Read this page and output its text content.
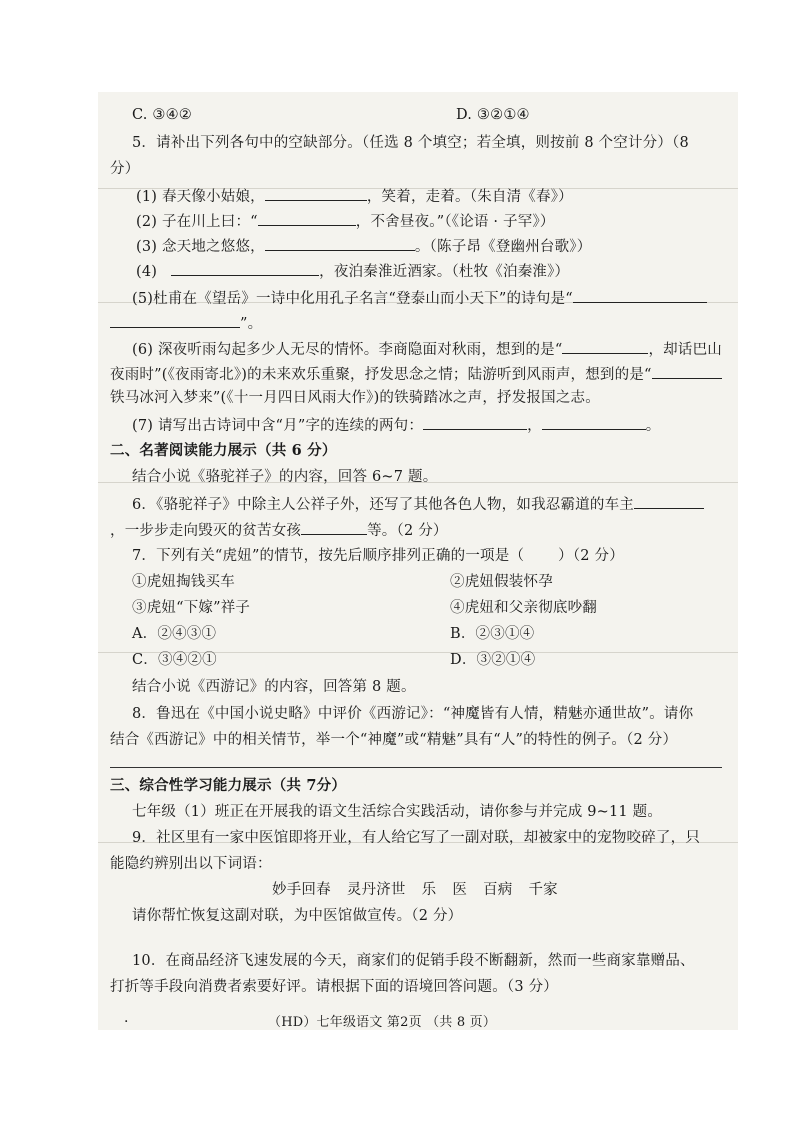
C. ③④②	D. ③②①④
5．请补出下列各句中的空缺部分。（任选 8 个填空；若全填，则按前 8 个空计分）（8
分）
(1) 春天像小姑娘，	，笑着，走着。（朱自清《春》）
(2) 子在川上曰：“	，不舍昼夜。”（《论语 · 子罕》）
(3) 念天地之悠悠，	。（陈子昂《登幽州台歌》）
(4)	，夜泊秦淮近酒家。（杜牧《泊秦淮》）
(5)杜甫在《望岳》一诗中化用孔子名言“登泰山而小天下”的诗句是“
”。
(6) 深夜听雨勾起多少人无尽的情怀。李商隐面对秋雨，想到的是“	，却话巴山
夜雨时”(《夜雨寄北》)的未来欢乐重聚，抒发思念之情；陆游听到风雨声，想到的是“
铁马冰河入梦来”(《十一月四日风雨大作》)的铁骑踏冰之声，抒发报国之志。
(7) 请写出古诗词中含“月”字的连续的两句：	，	。
二、名著阅读能力展示（共 6 分）
结合小说《骆驼祥子》的内容，回答 6~7 题。
6．《骆驼祥子》中除主人公祥子外，还写了其他各色人物，如我忍霸道的车主
，一步步走向毁灭的贫苦女孩	等。（2 分）
7．下列有关“虎妞”的情节，按先后顺序排列正确的一项是（ ）（2 分）
①虎妞掏钱买车	②虎妞假装怀孕
③虎妞“下嫁”祥子	④虎妞和父亲彻底吵翻
A．②④③①	B．②③①④
C．③④②①	D．③②①④
结合小说《西游记》的内容，回答第 8 题。
8．鲁迅在《中国小说史略》中评价《西游记》：“神魔皆有人情，精魅亦通世故”。请你
结合《西游记》中的相关情节，举一个“神魔”或“精魅”具有“人”的特性的例子。（2 分）
三、综合性学习能力展示（共 7分）
七年级（1）班正在开展我的语文生活综合实践活动，请你参与并完成 9~11 题。
9．社区里有一家中医馆即将开业，有人给它写了一副对联，却被家中的宠物咬碎了，只
能隐约辨别出以下词语：
妙手回春 灵丹济世 乐 医 百病 千家
请你帮忙恢复这副对联，为中医馆做宣传。（2 分）
10．在商品经济飞速发展的今天，商家们的促销手段不断翻新，然而一些商家靠赠品、
打折等手段向消费者索要好评。请根据下面的语境回答问题。（3 分）
·	（HD）七年级语文 第2页 （共 8 页）
